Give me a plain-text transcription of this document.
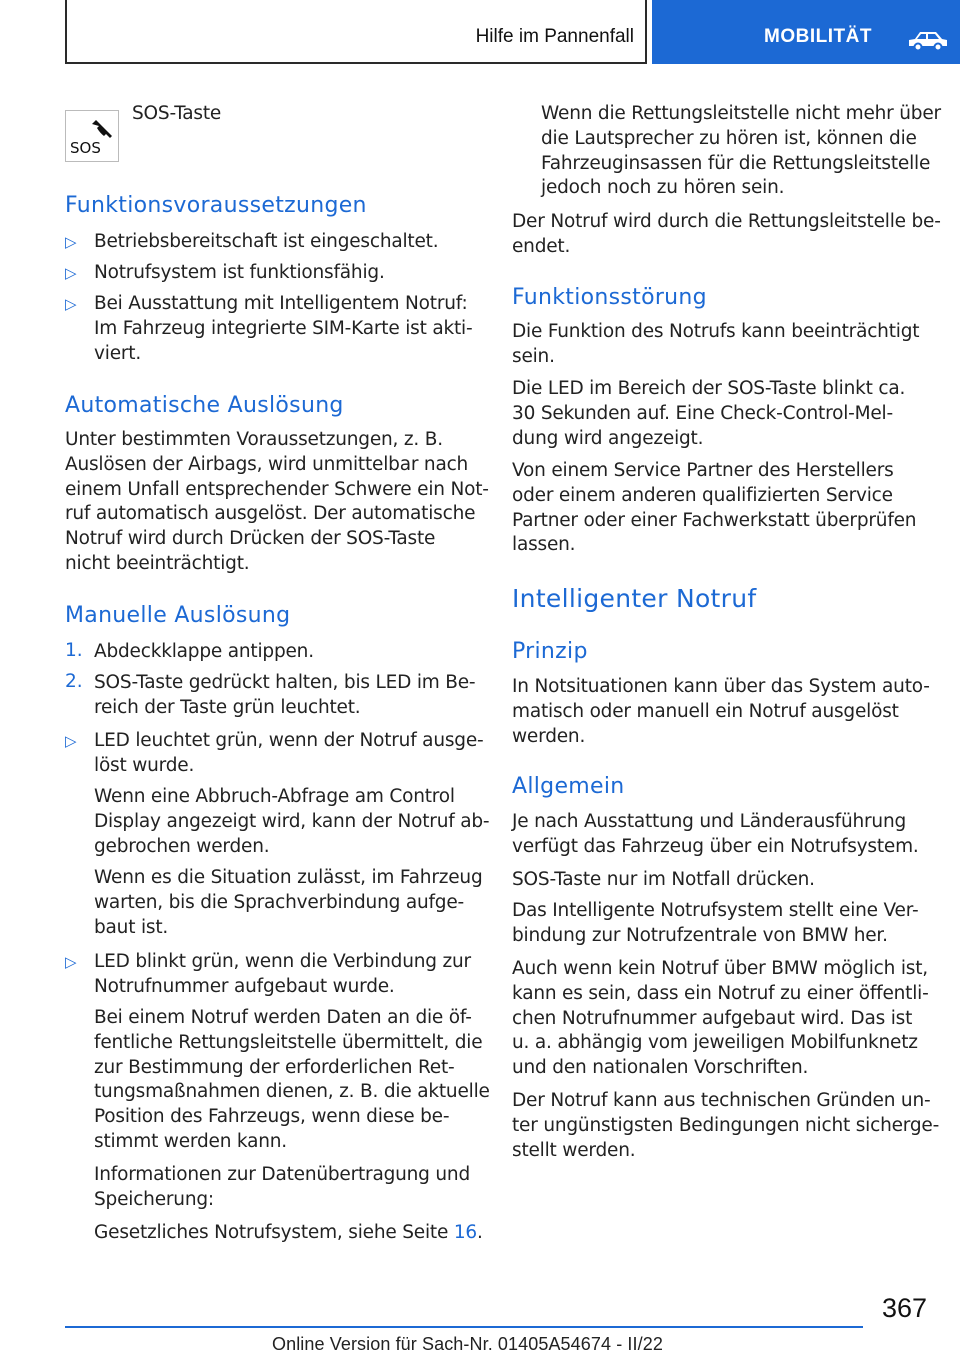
Hilfe im Pannenfall	MOBILITÄT
SOS

SOS-Taste

Funktionsvoraussetzungen
▷ Betriebsbereitschaft ist eingeschaltet.

▷ Notrufsystem ist funktionsfähig.

▷ Bei Ausstattung mit Intelligentem Notruf:

Im Fahrzeug integrierte SIM-Karte ist akti-

viert.

Automatische Auslösung

Unter bestimmten Voraussetzungen, z. B.

Auslösen der Airbags, wird unmittelbar nach

einem Unfall entsprechender Schwere ein Not-

ruf automatisch ausgelöst. Der automatische

Notruf wird durch Drücken der SOS-Taste

nicht beeinträchtigt.

Manuelle Auslösung
1. Abdeckklappe antippen.

2. SOS-Taste gedrückt halten, bis LED im Be-

reich der Taste grün leuchtet.

▷ LED leuchtet grün, wenn der Notruf ausge-

löst wurde.

Wenn eine Abbruch-Abfrage am Control

Display angezeigt wird, kann der Notruf ab-

gebrochen werden.

Wenn es die Situation zulässt, im Fahrzeug

warten, bis die Sprachverbindung aufge-

baut ist.

▷ LED blinkt grün, wenn die Verbindung zur

Notrufnummer aufgebaut wurde.

Bei einem Notruf werden Daten an die öf-

fentliche Rettungsleitstelle übermittelt, die

zur Bestimmung der erforderlichen Ret-

tungsmaßnahmen dienen, z. B. die aktuelle

Position des Fahrzeugs, wenn diese be-

stimmt werden kann.

Informationen zur Datenübertragung und

Speicherung:

Gesetzliches Notrufsystem, siehe Seite 16.

Wenn die Rettungsleitstelle nicht mehr über

die Lautsprecher zu hören ist, können die

Fahrzeuginsassen für die Rettungsleitstelle

jedoch noch zu hören sein.

Der Notruf wird durch die Rettungsleitstelle be-

endet.

Funktionsstörung

Die Funktion des Notrufs kann beeinträchtigt

sein.

Die LED im Bereich der SOS-Taste blinkt ca.

30 Sekunden auf. Eine Check-Control-Mel-

dung wird angezeigt.

Von einem Service Partner des Herstellers

oder einem anderen qualifizierten Service

Partner oder einer Fachwerkstatt überprüfen

lassen.

Intelligenter Notruf
Prinzip

In Notsituationen kann über das System auto-

matisch oder manuell ein Notruf ausgelöst

werden.

Allgemein

Je nach Ausstattung und Länderausführung

verfügt das Fahrzeug über ein Notrufsystem.

SOS-Taste nur im Notfall drücken.

Das Intelligente Notrufsystem stellt eine Ver-

bindung zur Notrufzentrale von BMW her.

Auch wenn kein Notruf über BMW möglich ist,

kann es sein, dass ein Notruf zu einer öffentli-

chen Notrufnummer aufgebaut wird. Das ist

u. a. abhängig vom jeweiligen Mobilfunknetz

und den nationalen Vorschriften.

Der Notruf kann aus technischen Gründen un-

ter ungünstigsten Bedingungen nicht sicherge-

stellt werden.

367
Online Version für Sach-Nr. 01405A54674 - II/22
